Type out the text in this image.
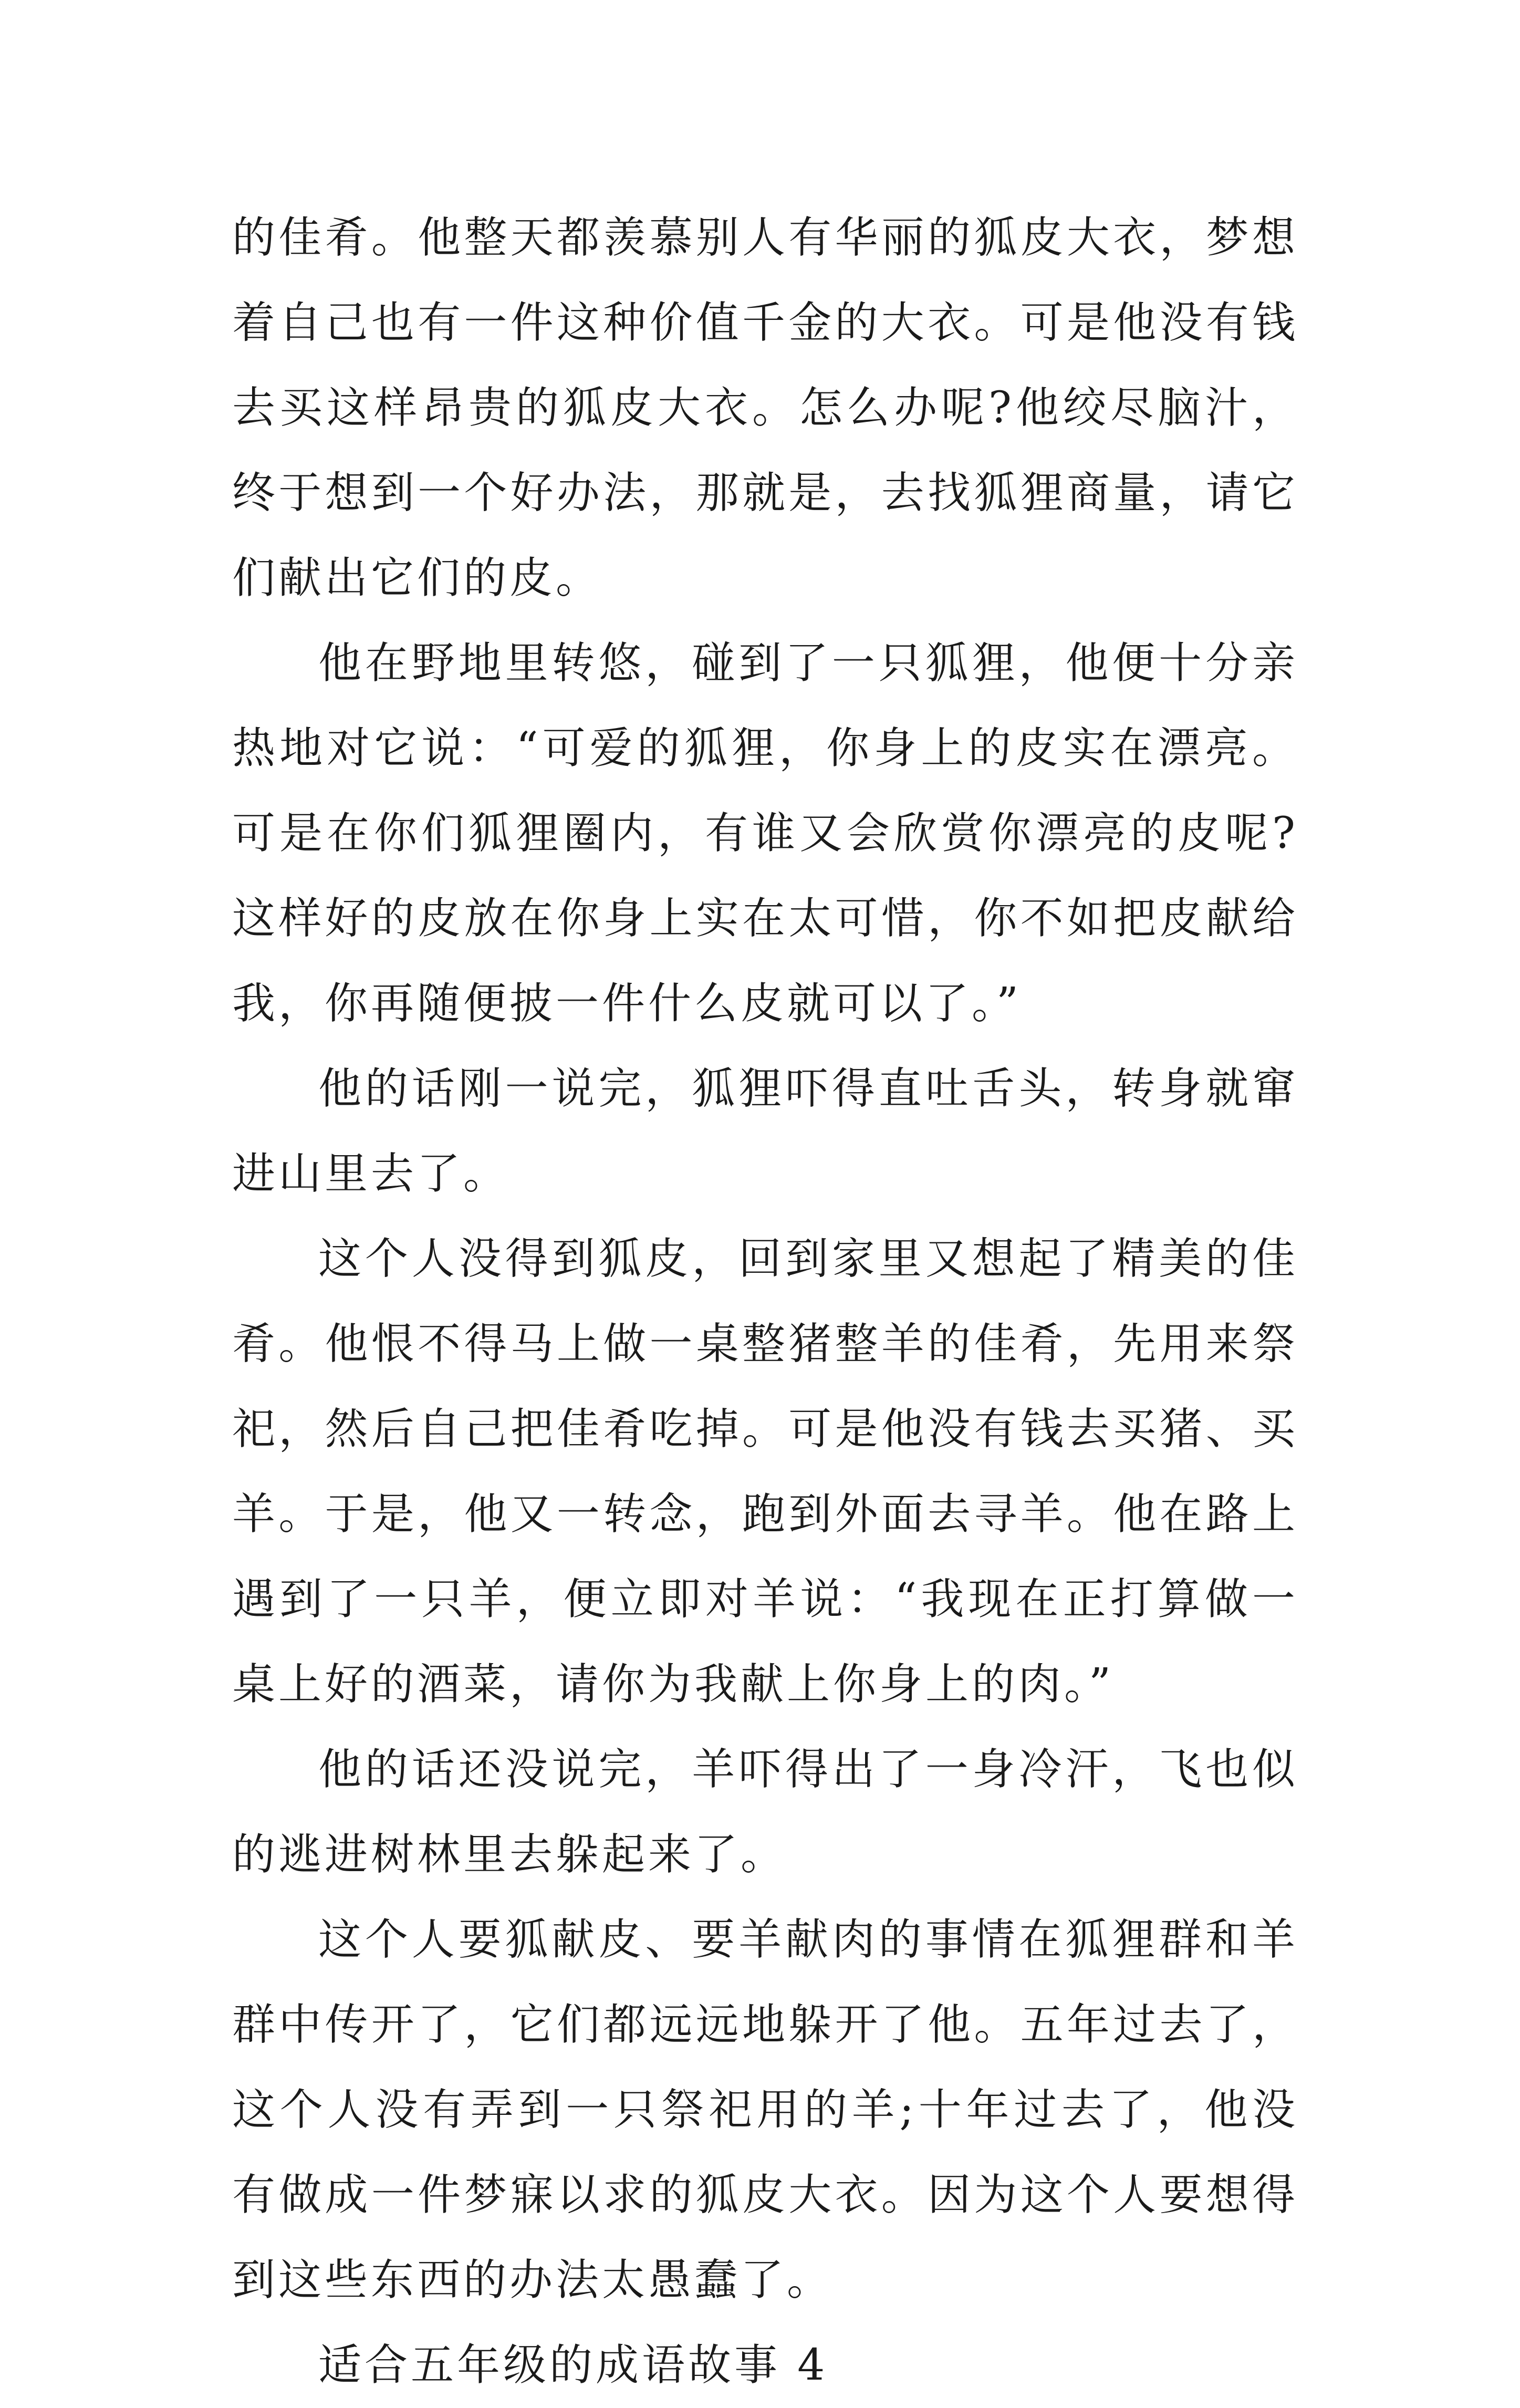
的佳肴。他整天都羡慕别人有华丽的狐皮大衣，梦想着自己也有一件这种价值千金的大衣。可是他没有钱去买这样昂贵的狐皮大衣。怎么办呢?他绞尽脑汁，终于想到一个好办法，那就是，去找狐狸商量，请它们献出它们的皮。

他在野地里转悠，碰到了一只狐狸，他便十分亲热地对它说：“可爱的狐狸，你身上的皮实在漂亮。可是在你们狐狸圈内，有谁又会欣赏你漂亮的皮呢?这样好的皮放在你身上实在太可惜，你不如把皮献给我，你再随便披一件什么皮就可以了。”

他的话刚一说完，狐狸吓得直吐舌头，转身就窜进山里去了。

这个人没得到狐皮，回到家里又想起了精美的佳肴。他恨不得马上做一桌整猪整羊的佳肴，先用来祭祀，然后自己把佳肴吃掉。可是他没有钱去买猪、买羊。于是，他又一转念，跑到外面去寻羊。他在路上遇到了一只羊，便立即对羊说：“我现在正打算做一桌上好的酒菜，请你为我献上你身上的肉。”

他的话还没说完，羊吓得出了一身冷汗，飞也似的逃进树林里去躲起来了。

这个人要狐献皮、要羊献肉的事情在狐狸群和羊群中传开了，它们都远远地躲开了他。五年过去了，这个人没有弄到一只祭祀用的羊;十年过去了，他没有做成一件梦寐以求的狐皮大衣。因为这个人要想得到这些东西的办法太愚蠢了。

适合五年级的成语故事 4
